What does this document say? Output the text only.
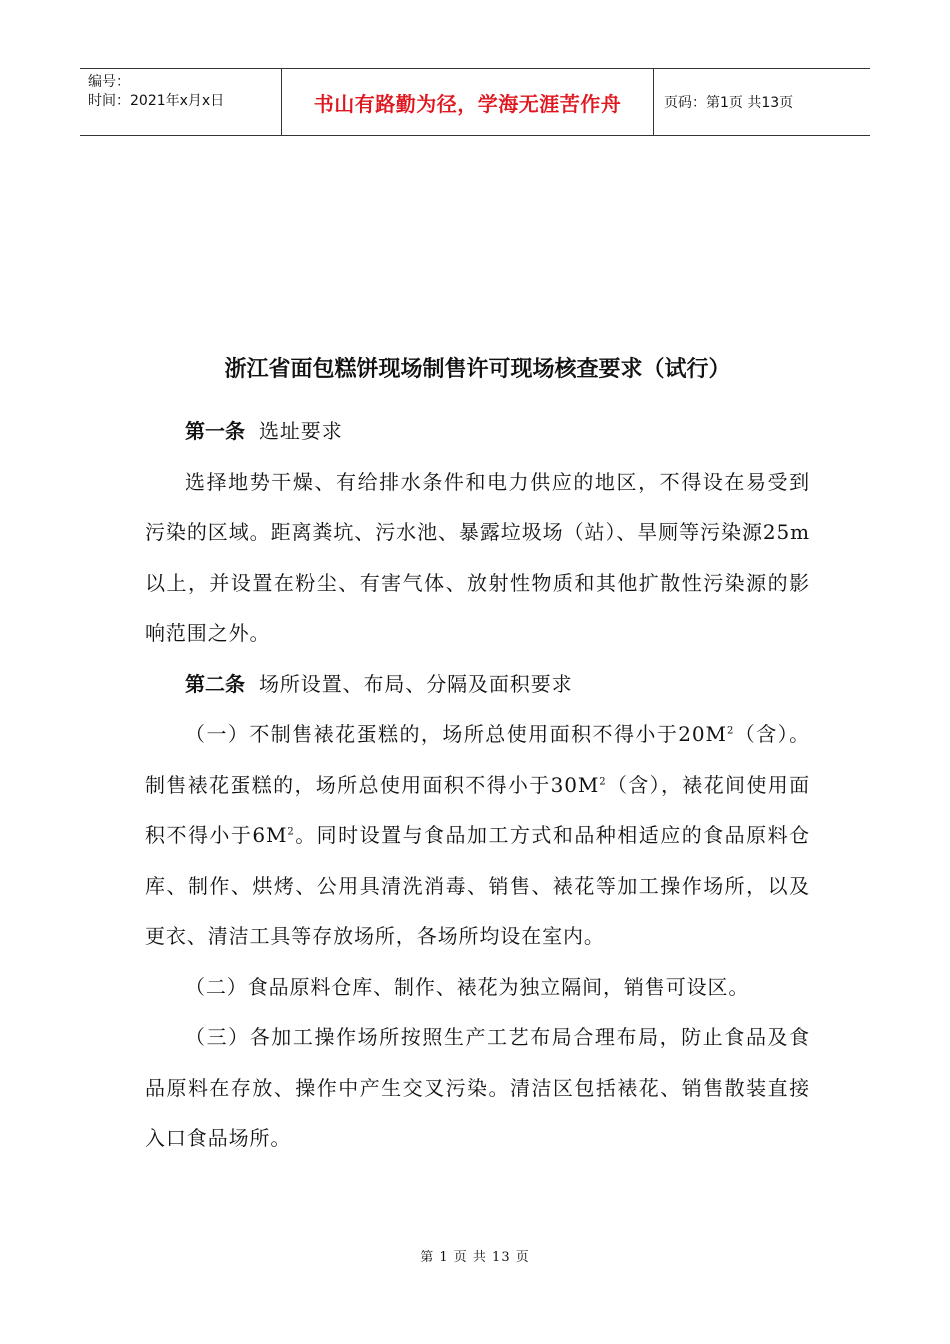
编号：
时间：2021年x月x日	书山有路勤为径，学海无涯苦作舟	页码：第1页 共13页
浙江省面包糕饼现场制售许可现场核查要求（试行）

第一条 选址要求

选择地势干燥、有给排水条件和电力供应的地区，不得设在易受到污染的区域。距离粪坑、污水池、暴露垃圾场（站）、旱厕等污染源25m以上，并设置在粉尘、有害气体、放射性物质和其他扩散性污染源的影响范围之外。

第二条 场所设置、布局、分隔及面积要求

（一）不制售裱花蛋糕的，场所总使用面积不得小于$20M^2$（含）。制售裱花蛋糕的，场所总使用面积不得小于$30M^2$（含），裱花间使用面积不得小于$6M^2$。同时设置与食品加工方式和品种相适应的食品原料仓库、制作、烘烤、公用具清洗消毒、销售、裱花等加工操作场所，以及更衣、清洁工具等存放场所，各场所均设在室内。

（二）食品原料仓库、制作、裱花为独立隔间，销售可设区。

（三）各加工操作场所按照生产工艺布局合理布局，防止食品及食品原料在存放、操作中产生交叉污染。清洁区包括裱花、销售散装直接入口食品场所。

第 1 页 共 13 页
